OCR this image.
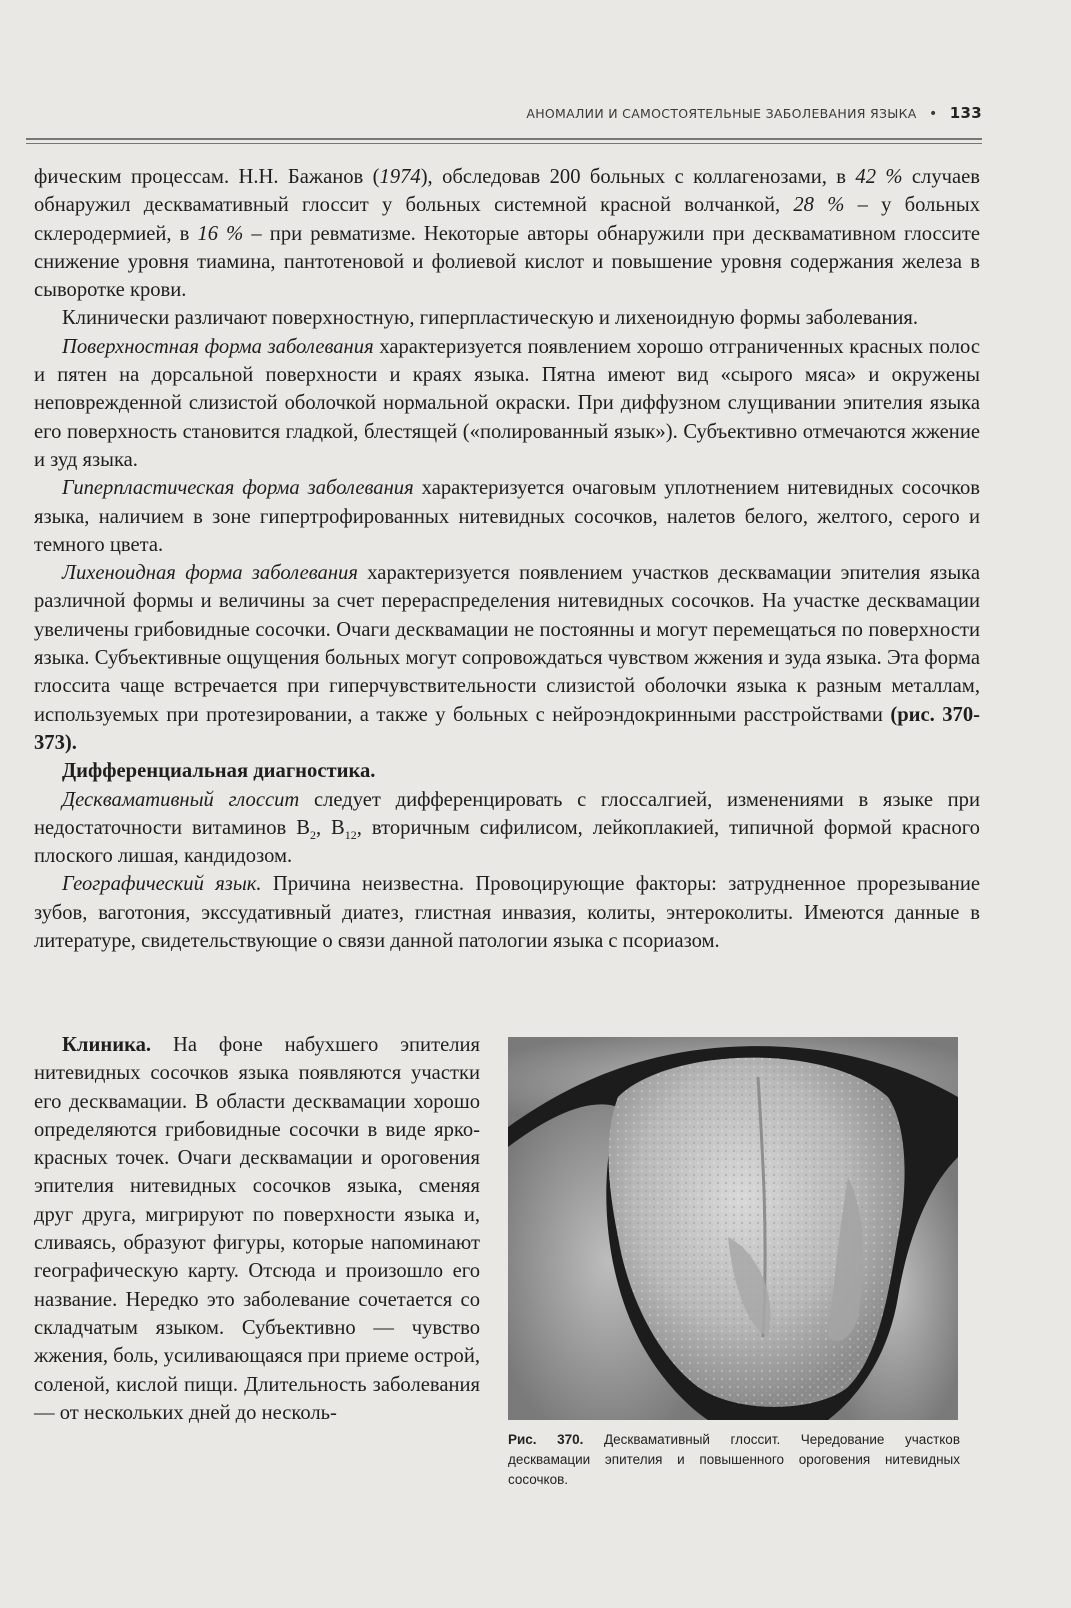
АНОМАЛИИ И САМОСТОЯТЕЛЬНЫЕ ЗАБОЛЕВАНИЯ ЯЗЫКА • 133

фическим процессам. Н.Н. Бажанов (1974), обследовав 200 больных с коллагенозами, в 42 % случаев обнаружил десквамативный глоссит у больных системной красной волчанкой, 28 % – у больных склеродермией, в 16 % – при ревматизме. Некоторые авторы обнаружили при десквамативном глоссите снижение уровня тиамина, пантотеновой и фолиевой кислот и повышение уровня содержания железа в сыворотке крови.

Клинически различают поверхностную, гиперпластическую и лихеноидную формы заболевания.

Поверхностная форма заболевания характеризуется появлением хорошо отграниченных красных полос и пятен на дорсальной поверхности и краях языка. Пятна имеют вид «сырого мяса» и окружены неповрежденной слизистой оболочкой нормальной окраски. При диффузном слущивании эпителия языка его поверхность становится гладкой, блестящей («полированный язык»). Субъективно отмечаются жжение и зуд языка.

Гиперпластическая форма заболевания характеризуется очаговым уплотнением нитевидных сосочков языка, наличием в зоне гипертрофированных нитевидных сосочков, налетов белого, желтого, серого и темного цвета.

Лихеноидная форма заболевания характеризуется появлением участков десквамации эпителия языка различной формы и величины за счет перераспределения нитевидных сосочков. На участке десквамации увеличены грибовидные сосочки. Очаги десквамации не постоянны и могут перемещаться по поверхности языка. Субъективные ощущения больных могут сопровождаться чувством жжения и зуда языка. Эта форма глоссита чаще встречается при гиперчувствительности слизистой оболочки языка к разным металлам, используемых при протезировании, а также у больных с нейроэндокринными расстройствами (рис. 370-373).

Дифференциальная диагностика.

Десквамативный глоссит следует дифференцировать с глоссалгией, изменениями в языке при недостаточности витаминов $B_2$, $B_{12}$, вторичным сифилисом, лейкоплакией, типичной формой красного плоского лишая, кандидозом.

Географический язык. Причина неизвестна. Провоцирующие факторы: затрудненное прорезывание зубов, ваготония, экссудативный диатез, глистная инвазия, колиты, энтероколиты. Имеются данные в литературе, свидетельствующие о связи данной патологии языка с псориазом.

Клиника. На фоне набухшего эпителия нитевидных сосочков языка появляются участки его десквамации. В области десквамации хорошо определяются грибовидные сосочки в виде ярко-красных точек. Очаги десквамации и ороговения эпителия нитевидных сосочков языка, сменяя друг друга, мигрируют по поверхности языка и, сливаясь, образуют фигуры, которые напоминают географическую карту. Отсюда и произошло его название. Нередко это заболевание сочетается со складчатым языком. Субъективно — чувство жжения, боль, усиливающаяся при приеме острой, соленой, кислой пищи. Длительность заболевания — от нескольких дней до несколь-

Рис. 370. Десквамативный глоссит. Чередование участков десквамации эпителия и повышенного ороговения нитевидных сосочков.
